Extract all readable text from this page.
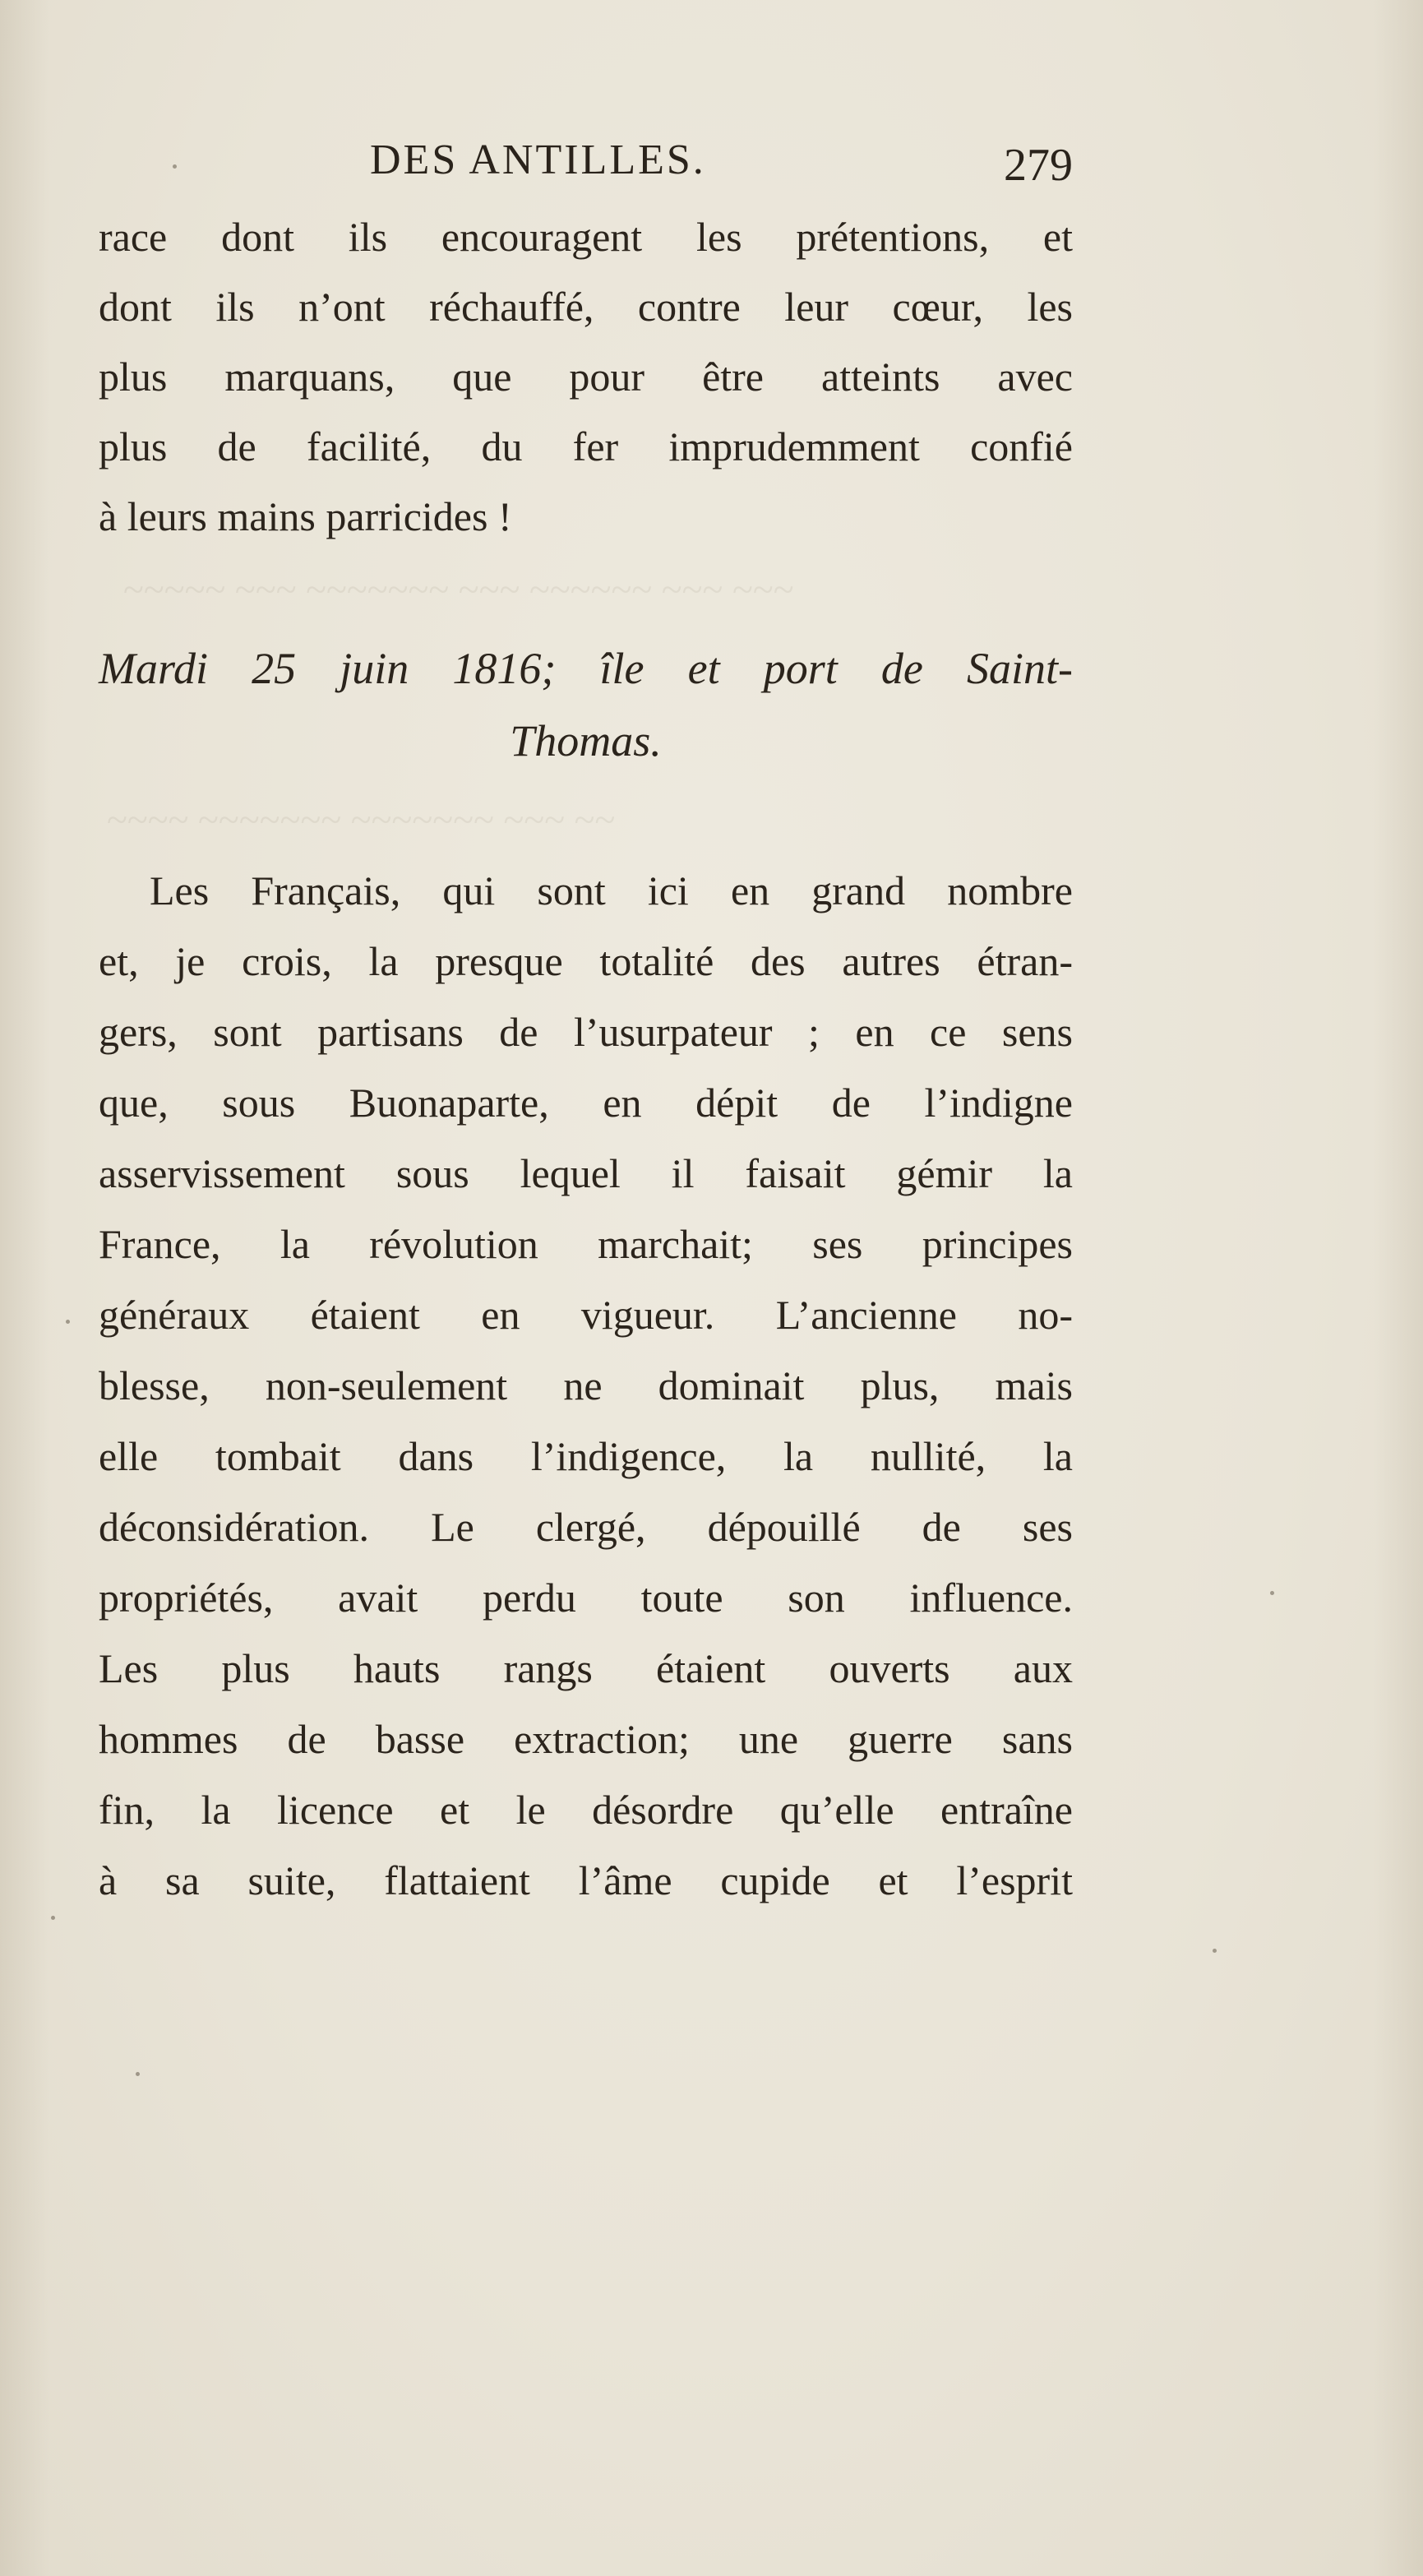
~~~~~ ~~~ ~~~~~~~ ~~~ ~~~~~~ ~~~ ~~~
~~~~ ~~~~~~~ ~~~~~~~ ~~~ ~~
DES ANTILLES.	279
race dont ils encouragent les prétentions, et
dont ils n’ont réchauffé, contre leur cœur, les
plus marquans, que pour être atteints avec
plus de facilité, du fer imprudemment confié
à leurs mains parricides !
Mardi 25 juin 1816; île et port de Saint-
Thomas.
Les Français, qui sont ici en grand nombre
et, je crois, la presque totalité des autres étran-
gers, sont partisans de l’usurpateur ; en ce sens
que, sous Buonaparte, en dépit de l’indigne
asservissement sous lequel il faisait gémir la
France, la révolution marchait; ses principes
généraux étaient en vigueur. L’ancienne no-
blesse, non-seulement ne dominait plus, mais
elle tombait dans l’indigence, la nullité, la
déconsidération. Le clergé, dépouillé de ses
propriétés, avait perdu toute son influence.
Les plus hauts rangs étaient ouverts aux
hommes de basse extraction; une guerre sans
fin, la licence et le désordre qu’elle entraîne
à sa suite, flattaient l’âme cupide et l’esprit
